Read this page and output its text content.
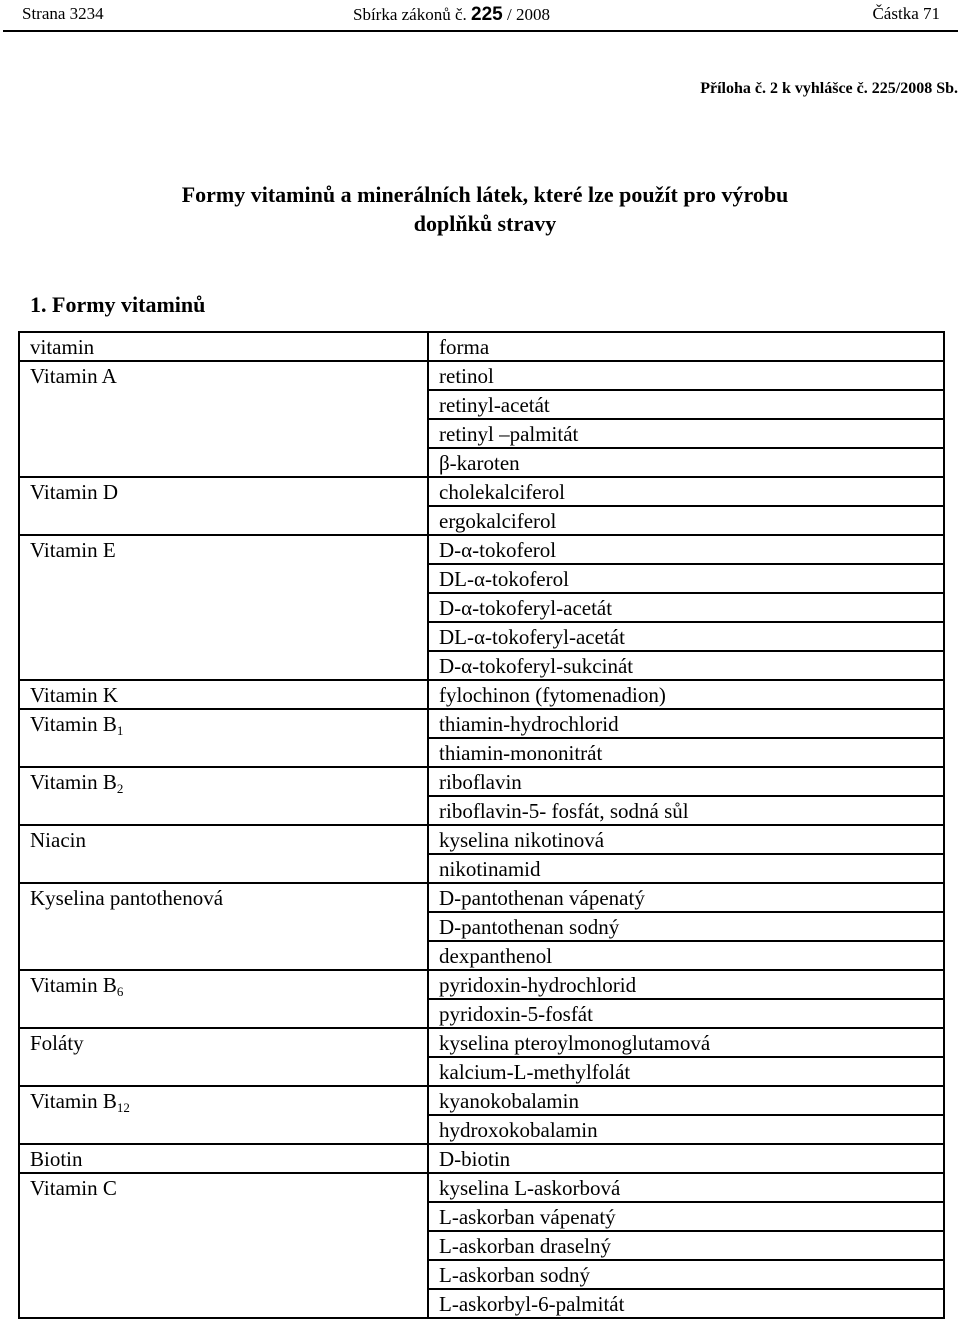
Strana 3234	Sbírka zákonů č. 225 / 2008	Částka 71
Příloha č. 2 k vyhlášce č. 225/2008 Sb.
Formy vitaminů a minerálních látek, které lze použít pro výrobu
doplňků stravy
1. Formy vitaminů
vitamin	forma
Vitamin A	retinol
	retinyl-acetát
	retinyl –palmitát
	β-karoten
Vitamin D	cholekalciferol
	ergokalciferol
Vitamin E	D-α-tokoferol
	DL-α-tokoferol
	D-α-tokoferyl-acetát
	DL-α-tokoferyl-acetát
	D-α-tokoferyl-sukcinát
Vitamin K	fylochinon (fytomenadion)
Vitamin B1	thiamin-hydrochlorid
	thiamin-mononitrát
Vitamin B2	riboflavin
	riboflavin-5- fosfát, sodná sůl
Niacin	kyselina nikotinová
	nikotinamid
Kyselina pantothenová	D-pantothenan vápenatý
	D-pantothenan sodný
	dexpanthenol
Vitamin B6	pyridoxin-hydrochlorid
	pyridoxin-5-fosfát
Foláty	kyselina pteroylmonoglutamová
	kalcium-L-methylfolát
Vitamin B12	kyanokobalamin
	hydroxokobalamin
Biotin	D-biotin
Vitamin C	kyselina L-askorbová
	L-askorban vápenatý
	L-askorban draselný
	L-askorban sodný
	L-askorbyl-6-palmitát
